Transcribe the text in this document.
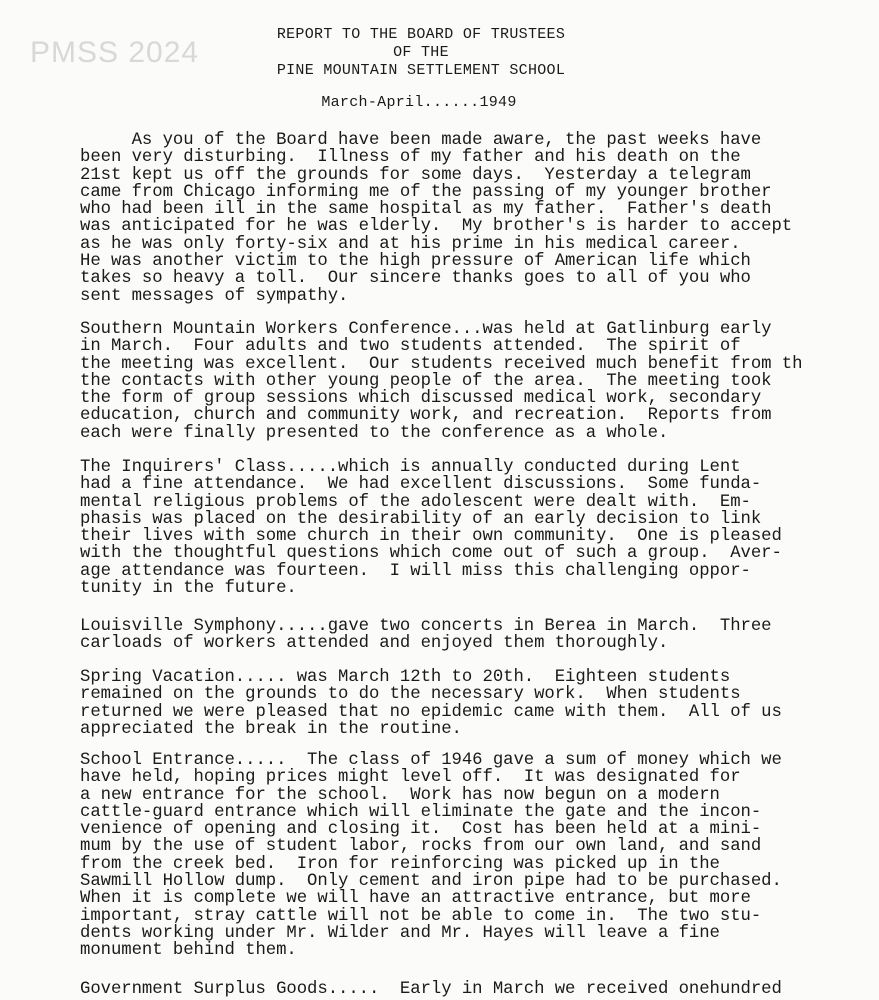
PMSS 2024
REPORT TO THE BOARD OF TRUSTEES
OF THE
PINE MOUNTAIN SETTLEMENT SCHOOL
March-April......1949
As you of the Board have been made aware, the past weeks have
been very disturbing.  Illness of my father and his death on the
21st kept us off the grounds for some days.  Yesterday a telegram
came from Chicago informing me of the passing of my younger brother
who had been ill in the same hospital as my father.  Father's death
was anticipated for he was elderly.  My brother's is harder to accept
as he was only forty-six and at his prime in his medical career.
He was another victim to the high pressure of American life which
takes so heavy a toll.  Our sincere thanks goes to all of you who
sent messages of sympathy.
Southern Mountain Workers Conference...was held at Gatlinburg early
in March.  Four adults and two students attended.  The spirit of
the meeting was excellent.  Our students received much benefit from th
the contacts with other young people of the area.  The meeting took
the form of group sessions which discussed medical work, secondary
education, church and community work, and recreation.  Reports from
each were finally presented to the conference as a whole.
The Inquirers' Class.....which is annually conducted during Lent
had a fine attendance.  We had excellent discussions.  Some funda-
mental religious problems of the adolescent were dealt with.  Em-
phasis was placed on the desirability of an early decision to link
their lives with some church in their own community.  One is pleased
with the thoughtful questions which come out of such a group.  Aver-
age attendance was fourteen.  I will miss this challenging oppor-
tunity in the future.
Louisville Symphony.....gave two concerts in Berea in March.  Three
carloads of workers attended and enjoyed them thoroughly.
Spring Vacation..... was March 12th to 20th.  Eighteen students
remained on the grounds to do the necessary work.  When students
returned we were pleased that no epidemic came with them.  All of us
appreciated the break in the routine.
School Entrance.....  The class of 1946 gave a sum of money which we
have held, hoping prices might level off.  It was designated for
a new entrance for the school.  Work has now begun on a modern
cattle-guard entrance which will eliminate the gate and the incon-
venience of opening and closing it.  Cost has been held at a mini-
mum by the use of student labor, rocks from our own land, and sand
from the creek bed.  Iron for reinforcing was picked up in the
Sawmill Hollow dump.  Only cement and iron pipe had to be purchased.
When it is complete we will have an attractive entrance, but more
important, stray cattle will not be able to come in.  The two stu-
dents working under Mr. Wilder and Mr. Hayes will leave a fine
monument behind them.
Government Surplus Goods.....  Early in March we received onehundred
